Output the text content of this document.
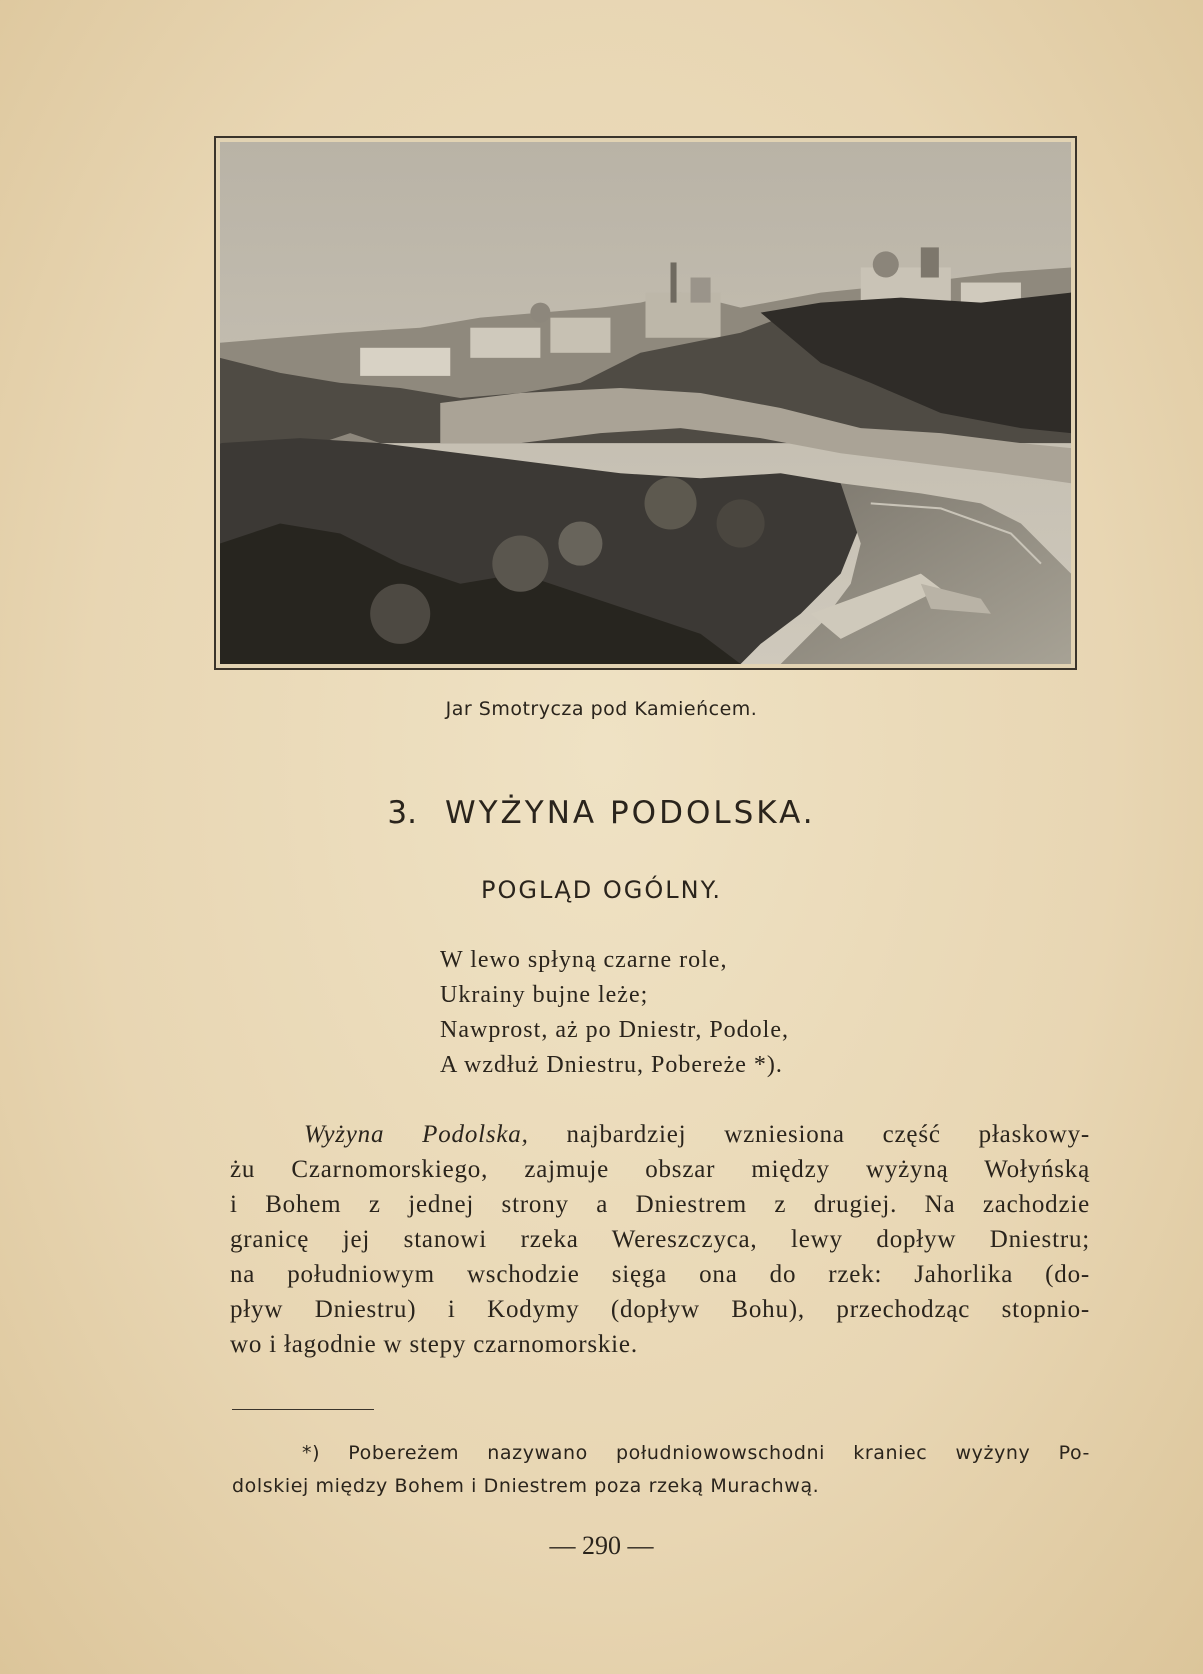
Jar Smotrycza pod Kamieńcem.
3. WYŻYNA PODOLSKA.
POGLĄD OGÓLNY.
W lewo spłyną czarne role,
Ukrainy bujne leże;
Nawprost, aż po Dniestr, Podole,
A wzdłuż Dniestru, Pobereże *).
Wyżyna Podolska, najbardziej wzniesiona część płaskowy-
żu Czarnomorskiego, zajmuje obszar między wyżyną Wołyńską
i Bohem z jednej strony a Dniestrem z drugiej. Na zachodzie
granicę jej stanowi rzeka Wereszczyca, lewy dopływ Dniestru;
na południowym wschodzie sięga ona do rzek: Jahorlika (do-
pływ Dniestru) i Kodymy (dopływ Bohu), przechodząc stopnio-
wo i łagodnie w stepy czarnomorskie.
*) Pobereżem nazywano południowowschodni kraniec wyżyny Po-
dolskiej między Bohem i Dniestrem poza rzeką Murachwą.
— 290 —
